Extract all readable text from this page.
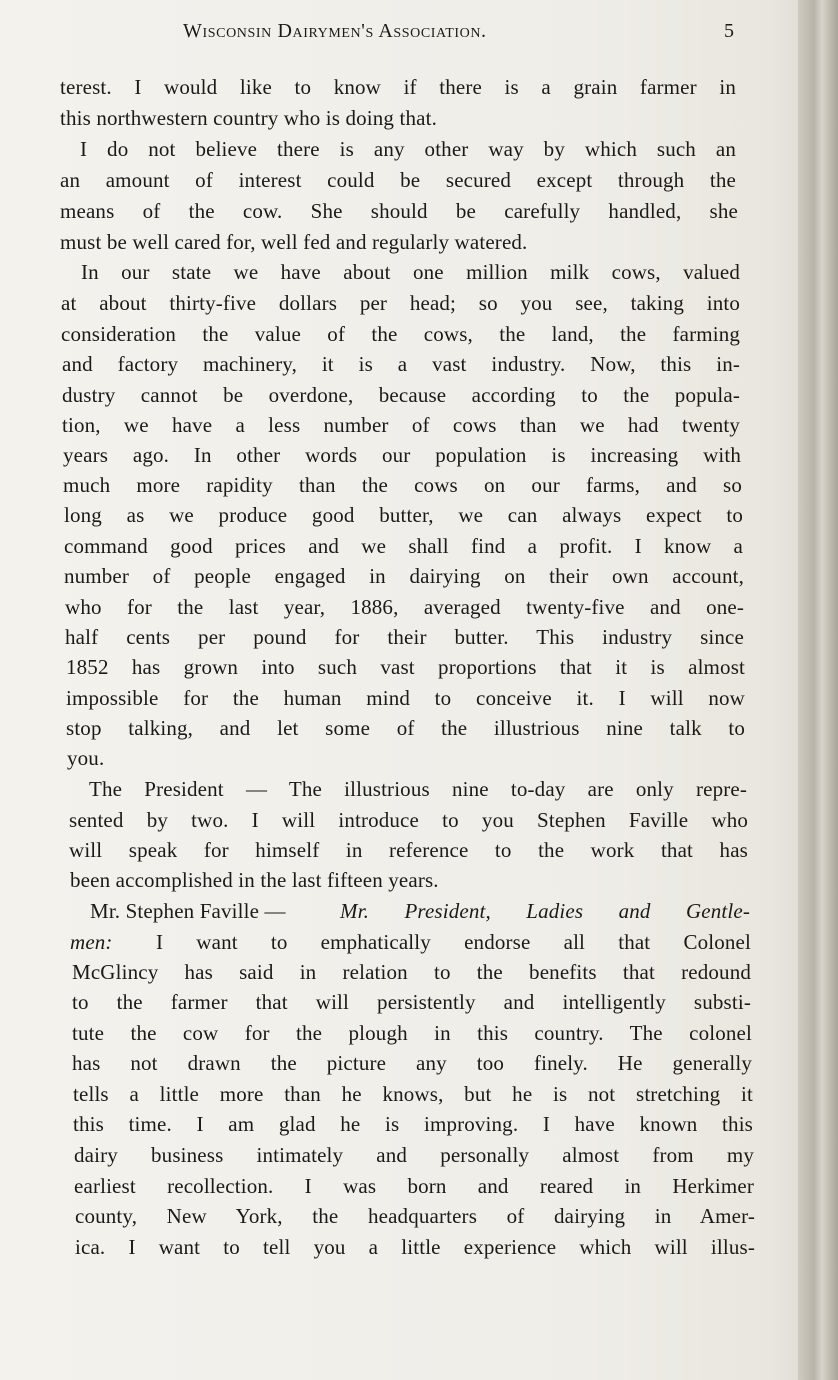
Wisconsin Dairymen's Association.	5
terest. I would like to know if there is a grain farmer in
this northwestern country who is doing that.
I do not believe there is any other way by which such an
an amount of interest could be secured except through the
means of the cow. She should be carefully handled, she
must be well cared for, well fed and regularly watered.
In our state we have about one million milk cows, valued
at about thirty-five dollars per head; so you see, taking into
consideration the value of the cows, the land, the farming
and factory machinery, it is a vast industry. Now, this in-
dustry cannot be overdone, because according to the popula-
tion, we have a less number of cows than we had twenty
years ago. In other words our population is increasing with
much more rapidity than the cows on our farms, and so
long as we produce good butter, we can always expect to
command good prices and we shall find a profit. I know a
number of people engaged in dairying on their own account,
who for the last year, 1886, averaged twenty-five and one-
half cents per pound for their butter. This industry since
1852 has grown into such vast proportions that it is almost
impossible for the human mind to conceive it. I will now
stop talking, and let some of the illustrious nine talk to
you.
The President — The illustrious nine to-day are only repre-
sented by two. I will introduce to you Stephen Faville who
will speak for himself in reference to the work that has
been accomplished in the last fifteen years.
Mr. Stephen Faville —	Mr. President, Ladies and Gentle-
men:	I want to emphatically endorse all that Colonel
McGlincy has said in relation to the benefits that redound
to the farmer that will persistently and intelligently substi-
tute the cow for the plough in this country. The colonel
has not drawn the picture any too finely. He generally
tells a little more than he knows, but he is not stretching it
this time. I am glad he is improving. I have known this
dairy business intimately and personally almost from my
earliest recollection. I was born and reared in Herkimer
county, New York, the headquarters of dairying in Amer-
ica. I want to tell you a little experience which will illus-
